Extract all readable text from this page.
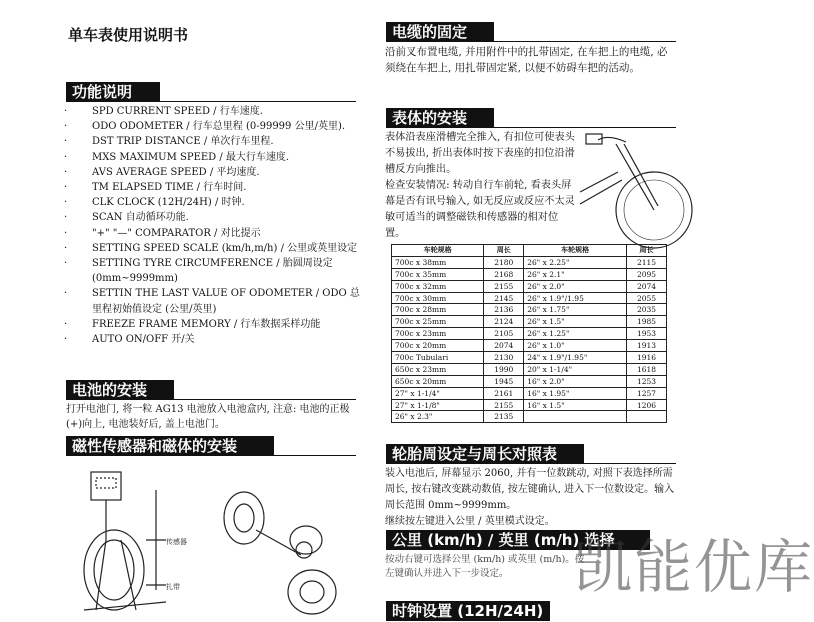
单车表使用说明书
功能说明
· SPD CURRENT SPEED / 行车速度.
· ODO ODOMETER / 行车总里程 (0-99999 公里/英里).
· DST TRIP DISTANCE / 单次行车里程.
· MXS MAXIMUM SPEED / 最大行车速度.
· AVS AVERAGE SPEED / 平均速度.
· TM ELAPSED TIME / 行车时间.
· CLK CLOCK (12H/24H) / 时钟.
· SCAN 自动循环功能.
· "+" "—" COMPARATOR / 对比提示
· SETTING SPEED SCALE (km/h,m/h) / 公里或英里设定
· SETTING TYRE CIRCUMFERENCE / 胎圆周设定 (0mm~9999mm)
· SETTIN THE LAST VALUE OF ODOMETER / ODO 总里程初始值设定 (公里/英里)
· FREEZE FRAME MEMORY / 行车数据采样功能
· AUTO ON/OFF 开/关
电池的安装
打开电池门, 将一粒 AG13 电池放入电池盒内, 注意: 电池的正极(+)向上, 电池装好后, 盖上电池门。
磁性传感器和磁体的安装
传感器
扎带
电缆的固定
沿前叉布置电缆, 并用附件中的扎带固定, 在车把上的电缆, 必须绕在车把上, 用扎带固定紧, 以便不妨碍车把的活动。
表体的安装
表体沿表座滑槽完全推入, 有扣位可使表头不易拔出, 折出表体时按下表座的扣位沿滑槽反方向推出。
检查安装情况: 转动自行车前轮, 看表头屏幕是否有讯号输入, 如无反应或反应不太灵敏可适当的调整磁铁和传感器的相对位置。
车轮规格	周长	车轮规格	周长
700c x 38mm	2180	26" x 2.25"	2115
700c x 35mm	2168	26" x 2.1"	2095
700c x 32mm	2155	26" x 2.0"	2074
700c x 30mm	2145	26" x 1.9"/1.95	2055
700c x 28mm	2136	26" x 1.75"	2035
700c x 25mm	2124	26" x 1.5"	1985
700c x 23mm	2105	26" x 1.25"	1953
700c x 20mm	2074	26" x 1.0"	1913
700c Tubulari	2130	24" x 1.9"/1.95"	1916
650c x 23mm	1990	20" x 1-1/4"	1618
650c x 20mm	1945	16" x 2.0"	1253
27" x 1-1/4"	2161	16" x 1.95"	1257
27" x 1-1/8"	2155	16" x 1.5"	1206
26" x 2.3"	2135		
轮胎周设定与周长对照表
装入电池后, 屏幕显示 2060, 并有一位数跳动, 对照下表选择所需周长, 按右键改变跳动数值, 按左键确认, 进入下一位数设定。输入周长范围 0mm~9999mm。
继续按左键进入公里 / 英里模式设定。
公里 (km/h) / 英里 (m/h) 选择
按动右键可选择公里 (km/h) 或英里 (m/h)。按左键确认并进入下一步设定。
时钟设置 (12H/24H)
凯能优库
